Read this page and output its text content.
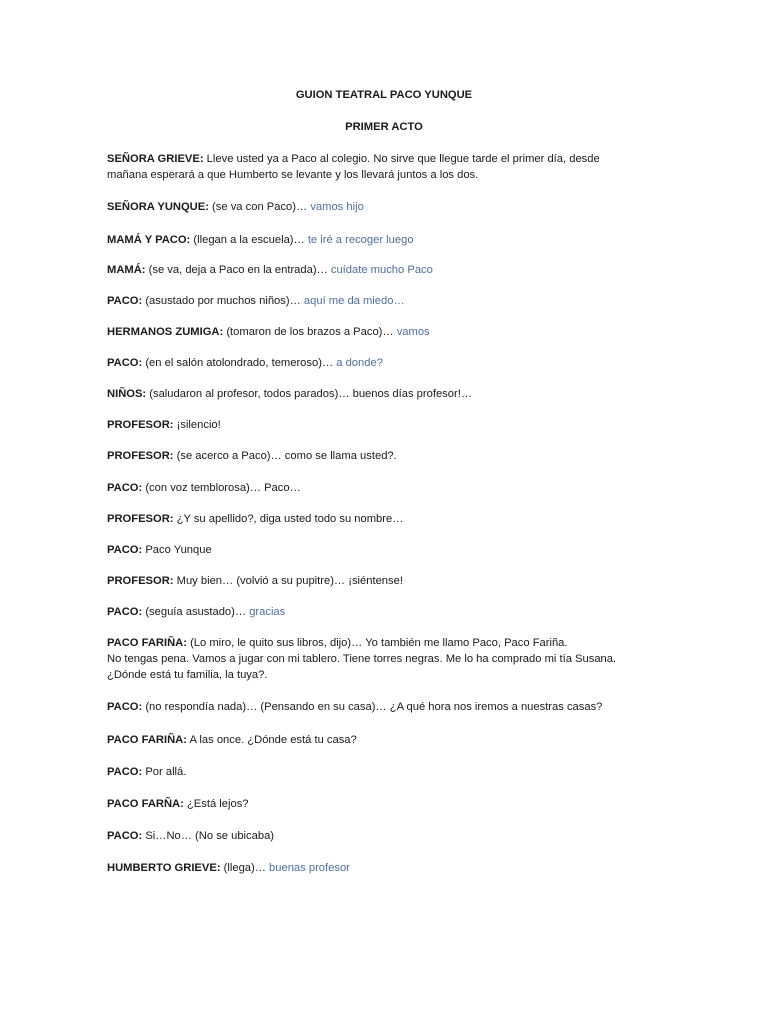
GUION TEATRAL PACO YUNQUE
PRIMER ACTO
SEÑORA GRIEVE: Lleve usted ya a Paco al colegio. No sirve que llegue tarde el primer día, desde
mañana esperará a que Humberto se levante y los llevará juntos a los dos.
SEÑORA YUNQUE: (se va con Paco)… vamos hijo
MAMÁ Y PACO: (llegan a la escuela)… te iré a recoger luego
MAMÁ: (se va, deja a Paco en la entrada)… cuídate mucho Paco
PACO: (asustado por muchos niños)… aquí me da miedo…
HERMANOS ZUMIGA: (tomaron de los brazos a Paco)… vamos
PACO: (en el salón atolondrado, temeroso)… a donde?
NIÑOS: (saludaron al profesor, todos parados)… buenos días profesor!…
PROFESOR: ¡silencio!
PROFESOR: (se acerco a Paco)… como se llama usted?.
PACO: (con voz temblorosa)… Paco…
PROFESOR: ¿Y su apellido?, diga usted todo su nombre…
PACO: Paco Yunque
PROFESOR: Muy bien… (volvió a su pupitre)… ¡siéntense!
PACO: (seguía asustado)… gracias
PACO FARIÑA: (Lo miro, le quito sus libros, dijo)… Yo también me llamo Paco, Paco Fariña.
No tengas pena. Vamos a jugar con mi tablero. Tiene torres negras. Me lo ha comprado mi tía Susana.
¿Dónde está tu familia, la tuya?.
PACO: (no respondía nada)… (Pensando en su casa)… ¿A qué hora nos iremos a nuestras casas?
PACO FARIÑA: A las once. ¿Dónde está tu casa?
PACO: Por allá.
PACO FARÑA: ¿Está lejos?
PACO: Si…No… (No se ubicaba)
HUMBERTO GRIEVE: (llega)… buenas profesor
